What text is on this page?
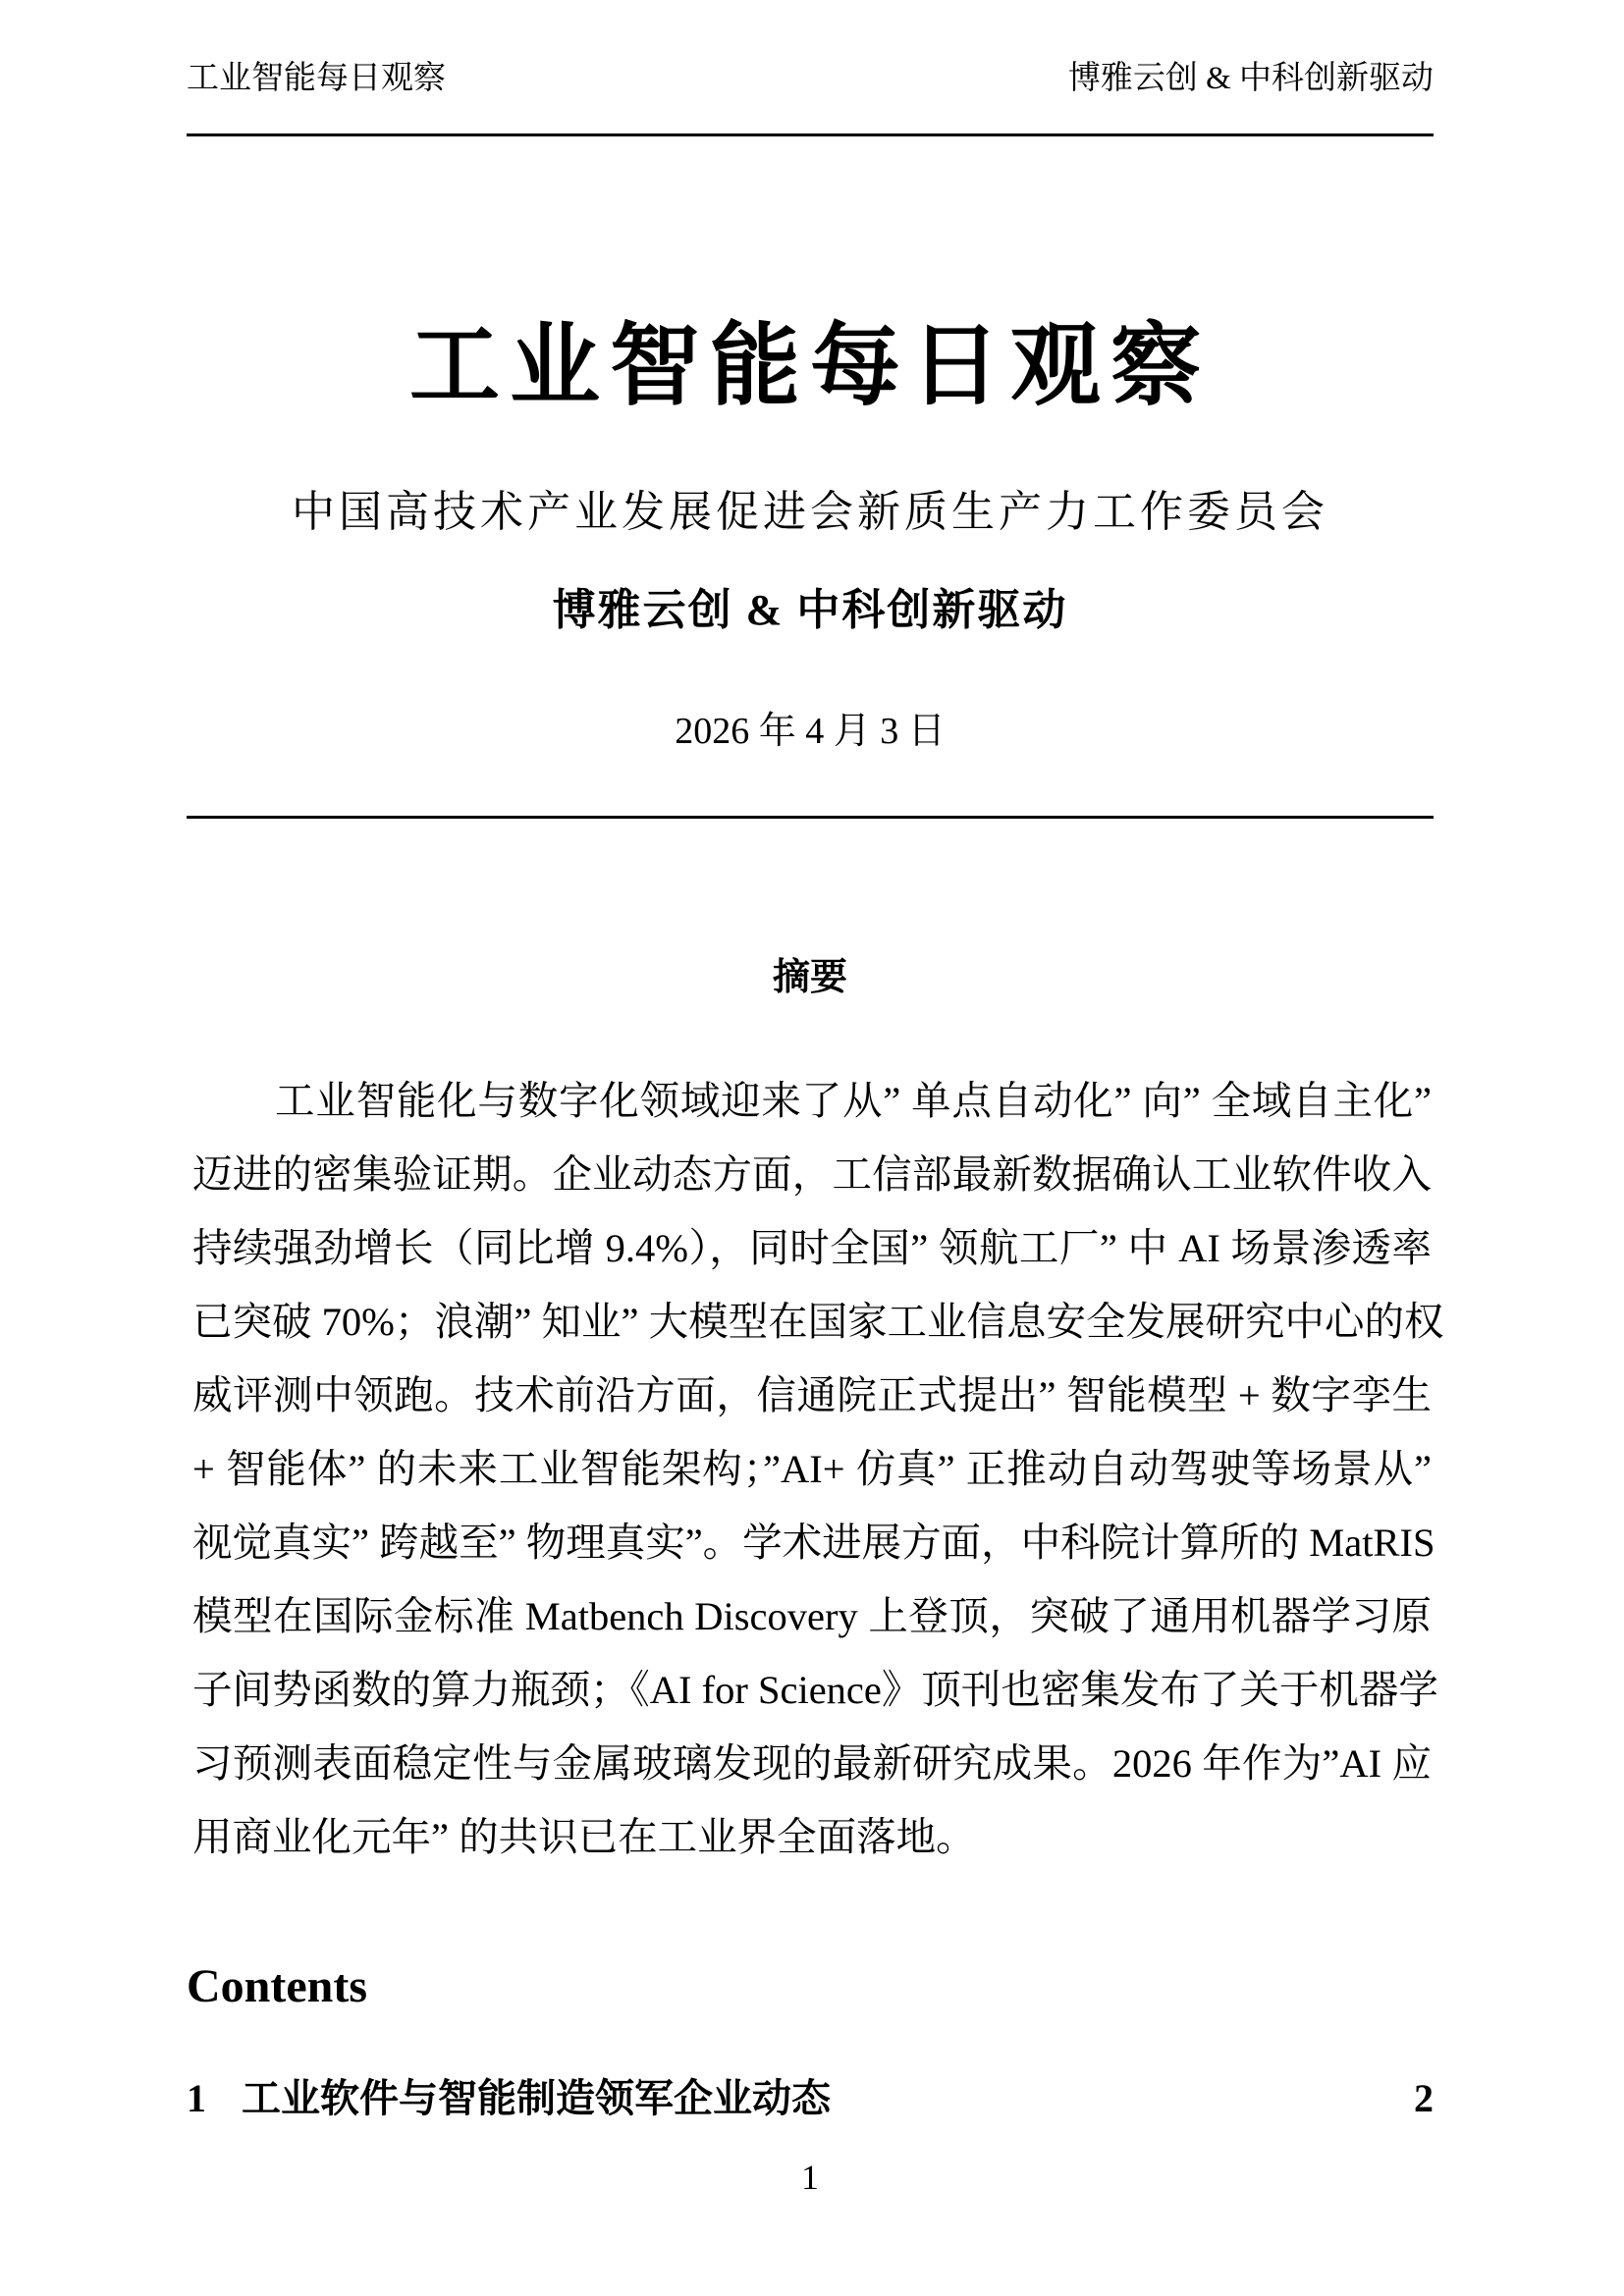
工业智能每日观察	博雅云创 & 中科创新驱动
工业智能每日观察
中国高技术产业发展促进会新质生产力工作委员会
博雅云创 & 中科创新驱动
2026 年 4 月 3 日
摘要
工业智能化与数字化领域迎来了从” 单点自动化” 向” 全域自主化”
迈进的密集验证期。企业动态方面，工信部最新数据确认工业软件收入
持续强劲增长（同比增 9.4%），同时全国” 领航工厂” 中 AI 场景渗透率
已突破 70%；浪潮” 知业” 大模型在国家工业信息安全发展研究中心的权
威评测中领跑。技术前沿方面，信通院正式提出” 智能模型 + 数字孪生
+ 智能体” 的未来工业智能架构；”AI+ 仿真” 正推动自动驾驶等场景从”
视觉真实” 跨越至” 物理真实”。学术进展方面，中科院计算所的 MatRIS
模型在国际金标准 Matbench Discovery 上登顶，突破了通用机器学习原
子间势函数的算力瓶颈；《AI for Science》顶刊也密集发布了关于机器学
习预测表面稳定性与金属玻璃发现的最新研究成果。2026 年作为”AI 应
用商业化元年” 的共识已在工业界全面落地。
Contents
1 工业软件与智能制造领军企业动态	2
1
